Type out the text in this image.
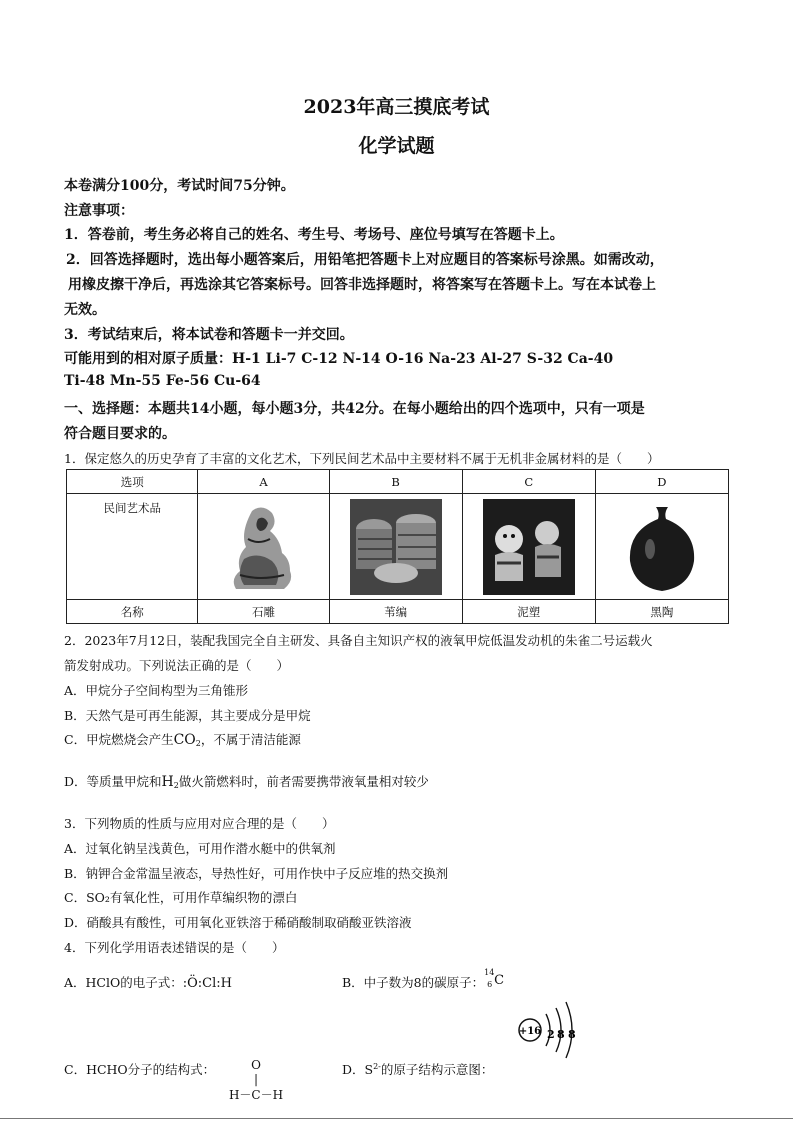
2023年高三摸底考试
化学试题
本卷满分100分，考试时间75分钟。
注意事项：
1．答卷前，考生务必将自己的姓名、考生号、考场号、座位号填写在答题卡上。
2．回答选择题时，选出每小题答案后，用铅笔把答题卡上对应题目的答案标号涂黑。如需改动，
用橡皮擦干净后，再选涂其它答案标号。回答非选择题时，将答案写在答题卡上。写在本试卷上
无效。
3．考试结束后，将本试卷和答题卡一并交回。
可能用到的相对原子质量：H-1 Li-7 C-12 N-14 O-16 Na-23 Al-27 S-32 Ca-40
Ti-48 Mn-55 Fe-56 Cu-64
一、选择题：本题共14小题，每小题3分，共42分。在每小题给出的四个选项中，只有一项是
符合题目要求的。
1．保定悠久的历史孕育了丰富的文化艺术，下列民间艺术品中主要材料不属于无机非金属材料的是（　　）
选项	A	B	C	D
民间艺术品	

名称	石雕	苇编	泥塑	黑陶
2．2023年7月12日，装配我国完全自主研发、具备自主知识产权的液氧甲烷低温发动机的朱雀二号运载火
箭发射成功。下列说法正确的是（　　）
A．甲烷分子空间构型为三角锥形
B．天然气是可再生能源，其主要成分是甲烷
C．甲烷燃烧会产生$CO_2$，不属于清洁能源
D．等质量甲烷和$H_2$做火箭燃料时，前者需要携带液氧量相对较少
3．下列物质的性质与应用对应合理的是（　　）
A．过氧化钠呈浅黄色，可用作潜水艇中的供氧剂
B．钠钾合金常温呈液态，导热性好，可用作快中子反应堆的热交换剂
C．SO₂有氧化性，可用作草编织物的漂白
D．硝酸具有酸性，可用氧化亚铁溶于稀硝酸制取硝酸亚铁溶液
4．下列化学用语表述错误的是（　　）
A．HClO的电子式：:Ö:Cl:H	B．中子数为8的碳原子：
14
6 C
C．HCHO分子的结构式：	O
|
H－C－H
D．$S^{2-}$的原子结构示意图：
+16 2 8 8
